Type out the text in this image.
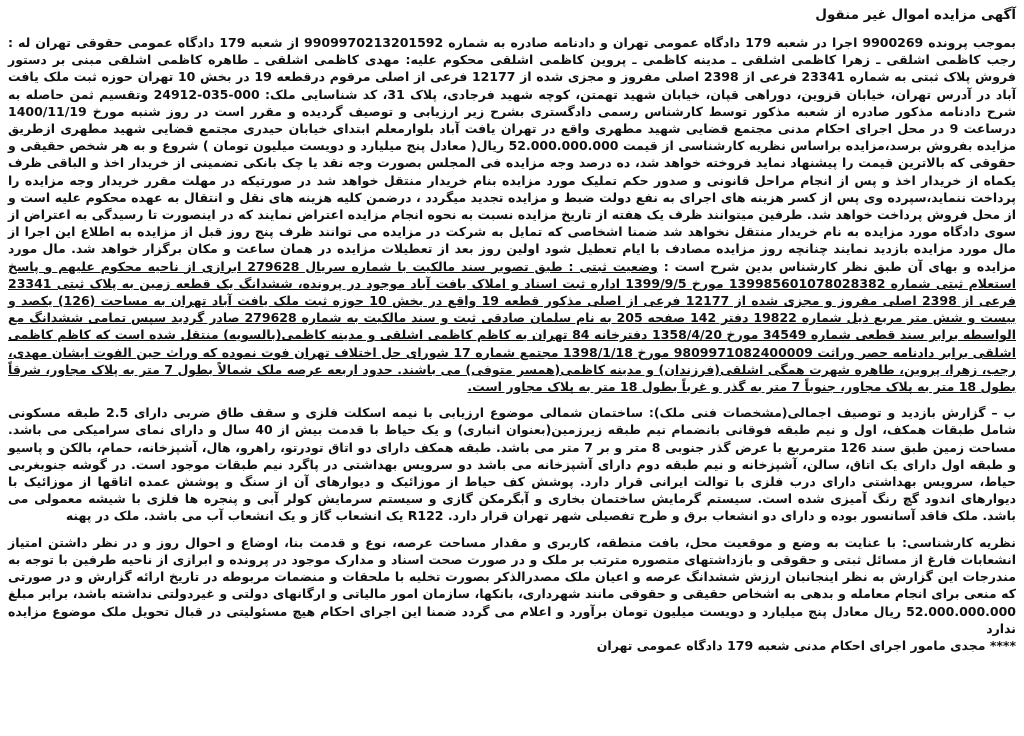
آگهی مزایده اموال غیر منقول

بموجب پرونده 9900269 اجرا در شعبه 179 دادگاه عمومی تهران و دادنامه صادره به شماره 9909970213201592 از شعبه 179 دادگاه عمومی حقوقی تهران له : رجب کاظمی اشلقی ـ زهرا کاظمی اشلقی ـ مدینه کاظمی ـ پروین کاظمی اشلقی محکوم علیه: مهدی کاظمی اشلقی ـ طاهره کاظمی اشلقی مبنی بر دستور فروش پلاک ثبتی به شماره 23341 فرعی از 2398 اصلی مفروز و مجزی شده از 12177 فرعی از اصلی مرقوم درقطعه 19 در بخش 10 تهران حوزه ثبت ملک یافت آباد در آدرس تهران، خیابان قزوین، دوراهی قپان، خیابان شهید تهمتن، کوچه شهید فرجادی، پلاک 31، کد شناسایی ملک: 000-035-24912 وتقسیم ثمن حاصله به شرح دادنامه مذکور صادره از شعبه مذکور توسط کارشناس رسمی دادگستری بشرح زیر ارزیابی و توصیف گردیده و مقرر است در روز شنبه مورخ 1400/11/19 درساعت 9 در محل اجرای احکام مدنی مجتمع قضایی شهید مطهری واقع در تهران یافت آباد بلوارمعلم ابتدای خیابان حیدری مجتمع قضایی شهید مطهری ازطریق مزایده بفروش برسد،مزایده براساس نظریه کارشناسی از قیمت 52.000.000.000 ریال( معادل پنج میلیارد و دویست میلیون تومان ) شروع و به هر شخص حقیقی و حقوقی که بالاترین قیمت را پیشنهاد نماید فروخته خواهد شد، ده درصد وجه مزایده فی المجلس بصورت وجه نقد یا چک بانکی تضمینی از خریدار اخذ و الباقی ظرف یکماه از خریدار اخذ و پس از انجام مراحل قانونی و صدور حکم تملیک مورد مزایده بنام خریدار منتقل خواهد شد در صورتیکه در مهلت مقرر خریدار وجه مزایده را پرداخت ننماید،سپرده وی پس از کسر هزینه های اجرای به نفع دولت ضبط و مزایده تجدید میگردد ، درضمن کلیه هزینه های نقل و انتقال به عهده محکوم علیه است و از محل فروش پرداخت خواهد شد. طرفین میتوانند ظرف یک هفته از تاریخ مزایده نسبت به نحوه انجام مزایده اعتراض نمایند که در اینصورت تا رسیدگی به اعتراض از سوی دادگاه مورد مزایده به نام خریدار منتقل نخواهد شد ضمنا اشخاصی که تمایل به شرکت در مزایده می توانند ظرف پنج روز قبل از مزایده به اطلاع این اجرا از مال مورد مزایده بازدید نمایند چنانچه روز مزایده مصادف با ایام تعطیل شود اولین روز بعد از تعطیلات مزایده در همان ساعت و مکان برگزار خواهد شد. مال مورد مزایده و بهای آن طبق نظر کارشناس بدین شرح است : وضعیت ثبتی : طبق تصویر سند مالکیت با شماره سریال 279628 ابرازی از ناحیه محکوم علیهم و پاسخ استعلام ثبتی شماره 13998560107802838​2 مورخ 1399/9/5 اداره ثبت اسناد و املاک یافت آباد موجود در پرونده، ششدانگ یک قطعه زمین به پلاک ثبتی 23341 فرعی از 2398 اصلی مفروز و مجزی شده از 12177 فرعی از اصلی مذکور قطعه 19 واقع در بخش 10 حوزه ثبت ملک یافت آباد تهران به مساحت (126) یکصد و بیست و شش متر مربع ذیل شماره 19822 دفتر 142 صفحه 205 به نام سلمان صادقی ثبت و سند مالکیت به شماره 279628 صادر گردید سپس تمامی ششدانگ مع الواسطه برابر سند قطعی شماره 34549 مورخ 1358/4/20 دفترخانه 84 تهران به کاظم کاظمی اشلقی و مدینه کاظمی(بالسویه) منتقل شده است که کاظم کاظمی اشلقی برابر دادنامه حصر وراثت 9809971082400009 مورخ 1398/1/18 مجتمع شماره 17 شورای حل اختلاف تهران فوت نموده که وراث حین الفوت ایشان مهدی، رجب، زهرا، پروین، طاهره شهرت همگی اشلقی(فرزندان) و مدینه کاظمی(همسر متوفی) می باشند. حدود اربعه عرصه ملک شمالاً بطول 7 متر به پلاک مجاور، شرقاً بطول 18 متر به پلاک مجاور، جنوباً 7 متر به گذر و غرباً بطول 18 متر به پلاک مجاور است.

ب – گزارش بازدید و توصیف اجمالی(مشخصات فنی ملک): ساختمان شمالی موضوع ارزیابی با نیمه اسکلت فلزی و سقف طاق ضربی دارای 2.5 طبقه مسکونی شامل طبقات همکف، اول و نیم طبقه فوقانی بانضمام نیم طبقه زیرزمین(بعنوان انباری) و یک حیاط با قدمت بیش از 40 سال و دارای نمای سرامیکی می باشد. مساحت زمین طبق سند 126 مترمربع با عرض گذر جنوبی 8 متر و بر 7 متر می باشد. طبقه همکف دارای دو اتاق تودرتو، راهرو، هال، آشپزخانه، حمام، بالکن و پاسیو و طبقه اول دارای یک اتاق، سالن، آشپزخانه و نیم طبقه دوم دارای آشپزخانه می باشد دو سرویس بهداشتی در پاگرد نیم طبقات موجود است. در گوشه جنوبغربی حیاط، سرویس بهداشتی دارای درب فلزی با توالت ایرانی قرار دارد. پوشش کف حیاط از موزائیک و دیوارهای آن از سنگ و پوشش عمده اتاقها از موزائیک با دیوارهای اندود گچ رنگ آمیزی شده است. سیستم گرمایش ساختمان بخاری و آبگرمکن گازی و سیستم سرمایش کولر آبی و پنجره ها فلزی با شیشه معمولی می باشد. ملک فاقد آسانسور بوده و دارای دو انشعاب برق و طرح تفصیلی شهر تهران قرار دارد. R122 یک انشعاب گاز و یک انشعاب آب می باشد. ملک در پهنه

نظریه کارشناسی: با عنایت به وضع و موقعیت محل، بافت منطقه، کاربری و مقدار مساحت عرصه، نوع و قدمت بنا، اوضاع و احوال روز و در نظر داشتن امتیاز انشعابات فارغ از مسائل ثبتی و حقوقی و بازداشتهای متصوره مترتب بر ملک و در صورت صحت اسناد و مدارک موجود در پرونده و ابرازی از ناحیه طرفین با توجه به مندرجات این گزارش به نظر اینجانبان ارزش ششدانگ عرصه و اعیان ملک مصدرالذکر بصورت تخلیه با ملحقات و منضمات مربوطه در تاریخ ارائه گزارش و در صورتی که منعی برای انجام معامله و بدهی به اشخاص حقیقی و حقوقی مانند شهرداری، بانکها، سازمان امور مالیاتی و ارگانهای دولتی و غیردولتی نداشته باشد، برابر مبلغ 52.000.000.000 ریال معادل پنج میلیارد و دویست میلیون تومان برآورد و اعلام می گردد ضمنا این اجرای احکام هیچ مسئولیتی در قبال تحویل ملک موضوع مزایده ندارد

**** مجدی مامور اجرای احکام مدنی شعبه 179 دادگاه عمومی تهران
